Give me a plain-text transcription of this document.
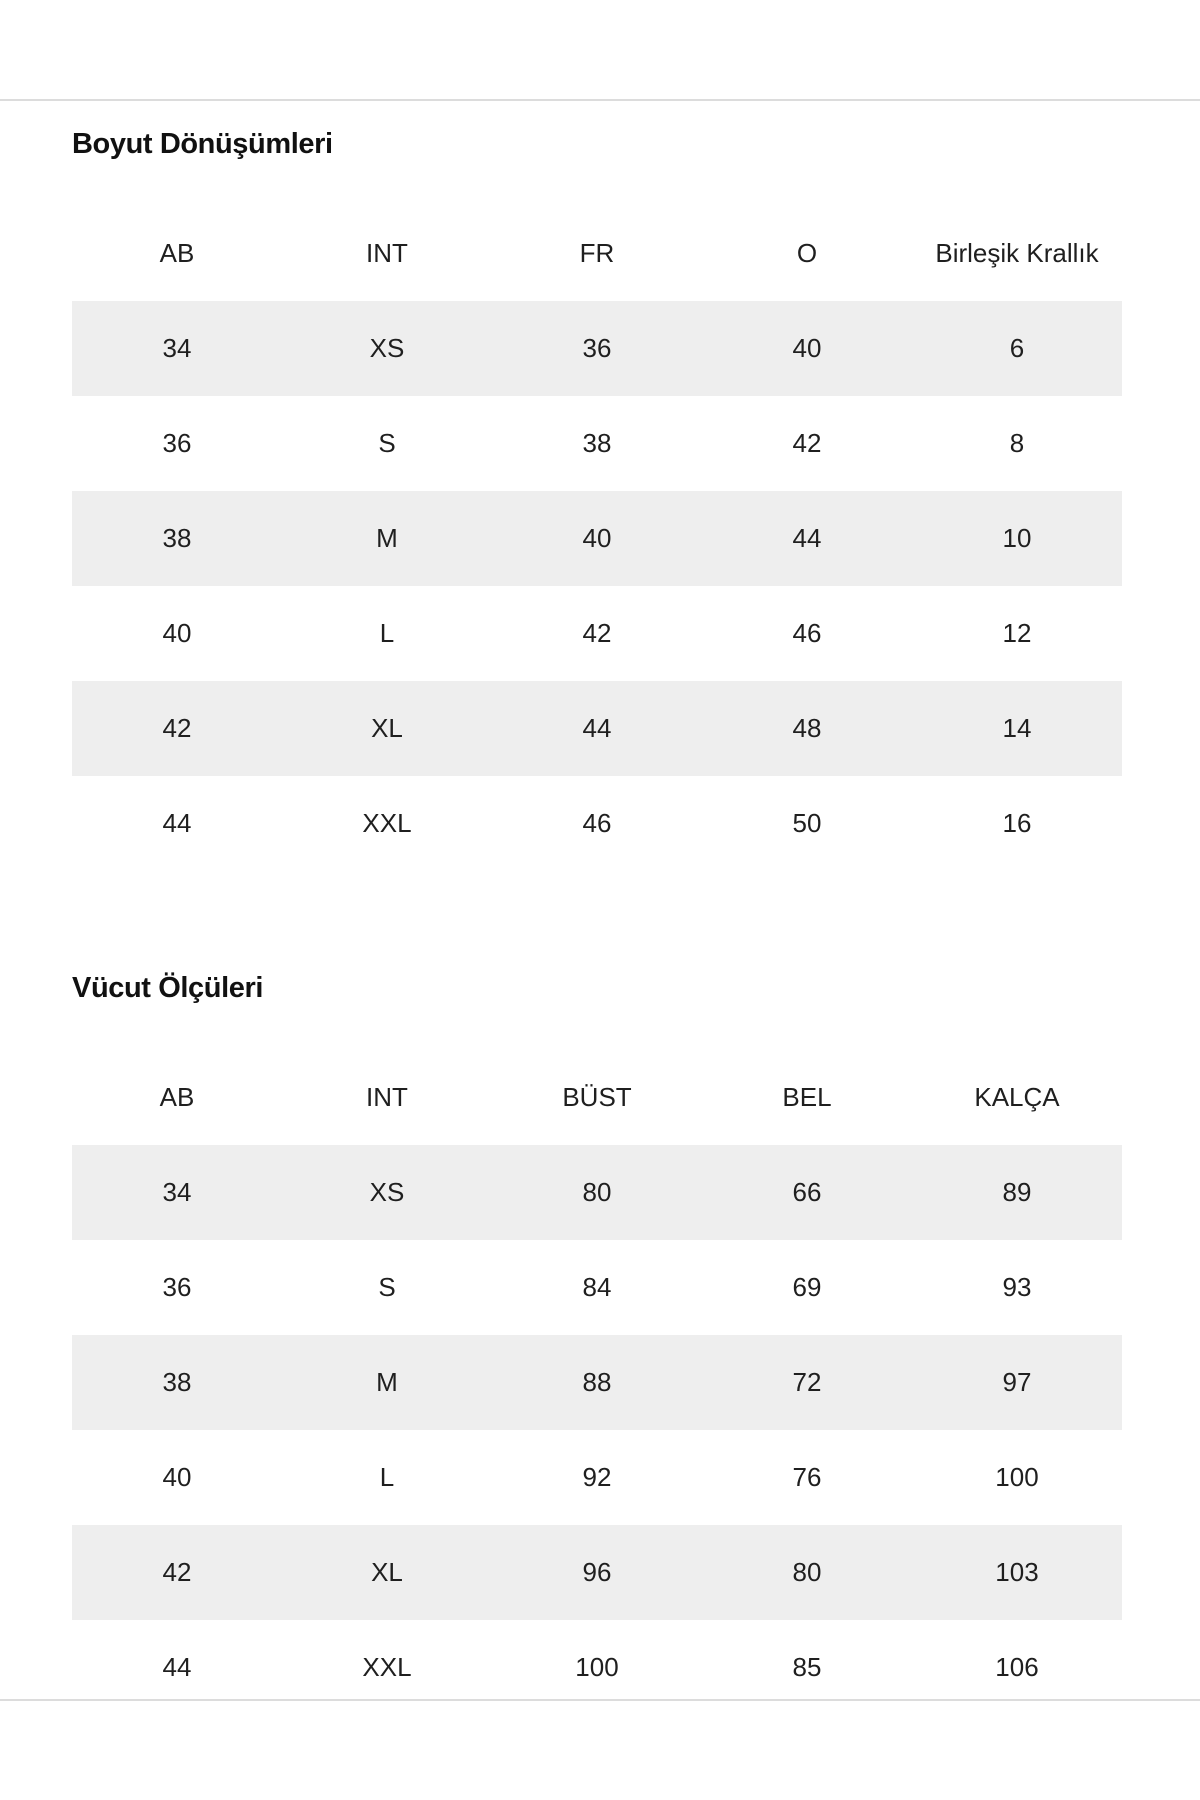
Boyut Dönüşümleri
AB	INT	FR	O	Birleşik Krallık
34	XS	36	40	6
36	S	38	42	8
38	M	40	44	10
40	L	42	46	12
42	XL	44	48	14
44	XXL	46	50	16
Vücut Ölçüleri
AB	INT	BÜST	BEL	KALÇA
34	XS	80	66	89
36	S	84	69	93
38	M	88	72	97
40	L	92	76	100
42	XL	96	80	103
44	XXL	100	85	106
